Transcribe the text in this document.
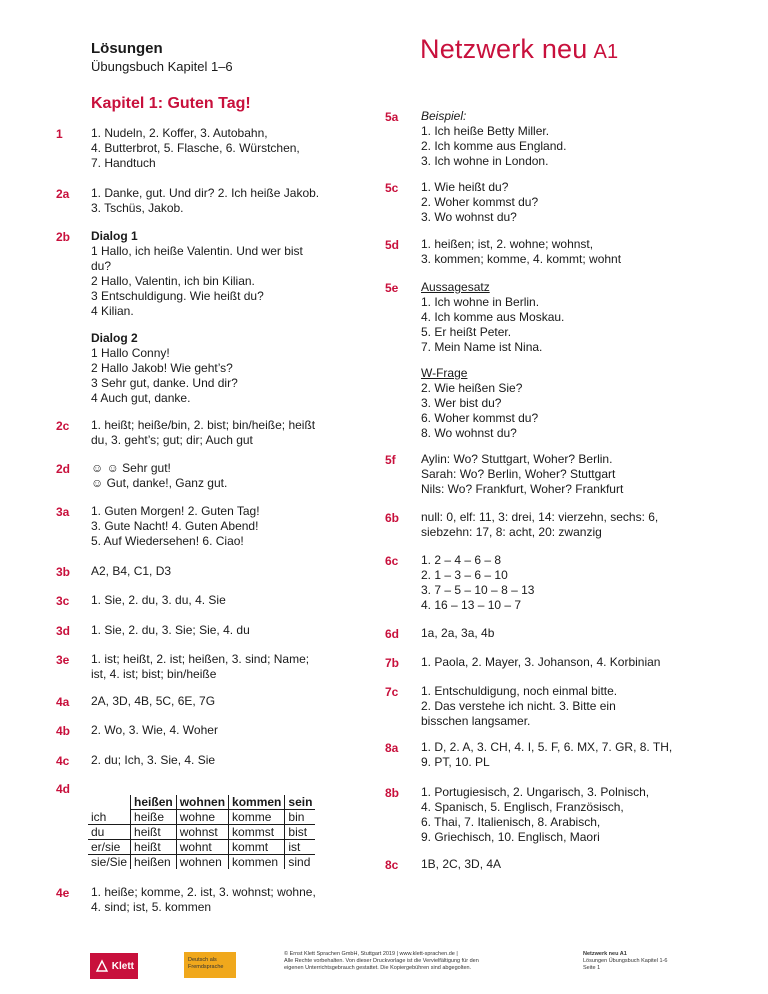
Lösungen
Übungsbuch Kapitel 1–6
Netzwerk neu A1
Kapitel 1: Guten Tag!
1 1. Nudeln, 2. Koffer, 3. Autobahn,
4. Butterbrot, 5. Flasche, 6. Würstchen,
7. Handtuch
2a 1. Danke, gut. Und dir? 2. Ich heiße Jakob.
3. Tschüs, Jakob.
2b Dialog 1
1 Hallo, ich heiße Valentin. Und wer bist
du?
2 Hallo, Valentin, ich bin Kilian.
3 Entschuldigung. Wie heißt du?
4 Kilian.
Dialog 2
1 Hallo Conny!
2 Hallo Jakob! Wie geht’s?
3 Sehr gut, danke. Und dir?
4 Auch gut, danke.
2c 1. heißt; heiße/bin, 2. bist; bin/heiße; heißt
du, 3. geht’s; gut; dir; Auch gut
2d ☺ ☺ Sehr gut!
☺ Gut, danke!, Ganz gut.
3a 1. Guten Morgen! 2. Guten Tag!
3. Gute Nacht! 4. Guten Abend!
5. Auf Wiedersehen! 6. Ciao!
3b A2, B4, C1, D3
3c 1. Sie, 2. du, 3. du, 4. Sie
3d 1. Sie, 2. du, 3. Sie; Sie, 4. du
3e 1. ist; heißt, 2. ist; heißen, 3. sind; Name;
ist, 4. ist; bist; bin/heiße
4a 2A, 3D, 4B, 5C, 6E, 7G
4b 2. Wo, 3. Wie, 4. Woher
4c 2. du; Ich, 3. Sie, 4. Sie
4d
	heißen	wohnen	kommen	sein
ich	heiße	wohne	komme	bin
du	heißt	wohnst	kommst	bist
er/sie	heißt	wohnt	kommt	ist
sie/Sie	heißen	wohnen	kommen	sind
4e 1. heiße; komme, 2. ist, 3. wohnst; wohne,
4. sind; ist, 5. kommen
5a Beispiel:
1. Ich heiße Betty Miller.
2. Ich komme aus England.
3. Ich wohne in London.
5c 1. Wie heißt du?
2. Woher kommst du?
3. Wo wohnst du?
5d 1. heißen; ist, 2. wohne; wohnst,
3. kommen; komme, 4. kommt; wohnt
5e Aussagesatz
1. Ich wohne in Berlin.
4. Ich komme aus Moskau.
5. Er heißt Peter.
7. Mein Name ist Nina.
W-Frage
2. Wie heißen Sie?
3. Wer bist du?
6. Woher kommst du?
8. Wo wohnst du?
5f Aylin: Wo? Stuttgart, Woher? Berlin.
Sarah: Wo? Berlin, Woher? Stuttgart
Nils: Wo? Frankfurt, Woher? Frankfurt
6b null: 0, elf: 11, 3: drei, 14: vierzehn, sechs: 6,
siebzehn: 17, 8: acht, 20: zwanzig
6c 1. 2 – 4 – 6 – 8
2. 1 – 3 – 6 – 10
3. 7 – 5 – 10 – 8 – 13
4. 16 – 13 – 10 – 7
6d 1a, 2a, 3a, 4b
7b 1. Paola, 2. Mayer, 3. Johanson, 4. Korbinian
7c 1. Entschuldigung, noch einmal bitte.
2. Das verstehe ich nicht. 3. Bitte ein
bisschen langsamer.
8a 1. D, 2. A, 3. CH, 4. I, 5. F, 6. MX, 7. GR, 8. TH,
9. PT, 10. PL
8b 1. Portugiesisch, 2. Ungarisch, 3. Polnisch,
4. Spanisch, 5. Englisch, Französisch,
6. Thai, 7. Italienisch, 8. Arabisch,
9. Griechisch, 10. Englisch, Maori
8c 1B, 2C, 3D, 4A
Klett
Deutsch als
Fremdsprache
© Ernst Klett Sprachen GmbH, Stuttgart 2019 | www.klett-sprachen.de |
Alle Rechte vorbehalten. Von dieser Druckvorlage ist die Vervielfältigung für den
eigenen Unterrichtsgebrauch gestattet. Die Kopiergebühren sind abgegolten.
Netzwerk neu A1
Lösungen Übungsbuch Kapitel 1-6
Seite 1
